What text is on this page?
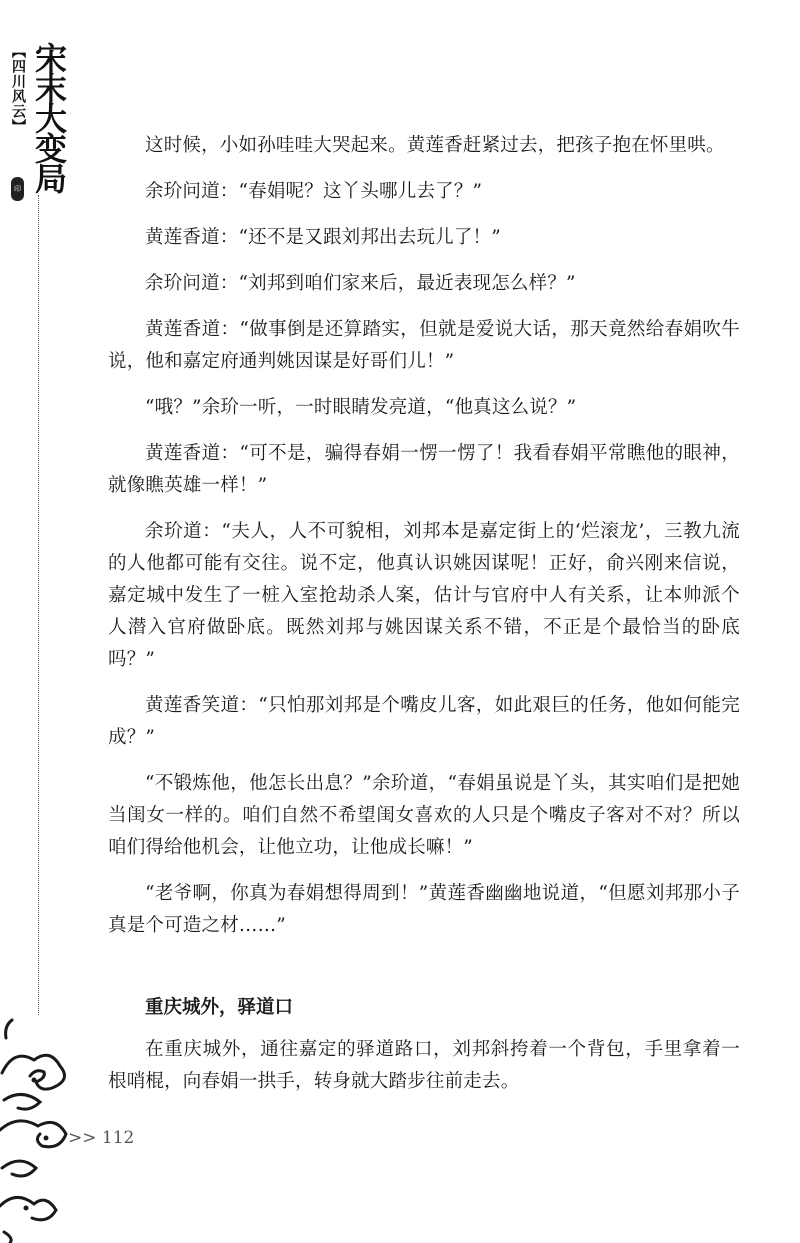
【四川风云】 宋末大变局
印

这时候，小如孙哇哇大哭起来。黄莲香赶紧过去，把孩子抱在怀里哄。

余玠问道：“春娟呢？这丫头哪儿去了？”

黄莲香道：“还不是又跟刘邦出去玩儿了！”

余玠问道：“刘邦到咱们家来后，最近表现怎么样？”

黄莲香道：“做事倒是还算踏实，但就是爱说大话，那天竟然给春娟吹牛说，他和嘉定府通判姚因谋是好哥们儿！”

“哦？”余玠一听，一时眼睛发亮道，“他真这么说？”

黄莲香道：“可不是，骗得春娟一愣一愣了！我看春娟平常瞧他的眼神，就像瞧英雄一样！”

余玠道：“夫人，人不可貌相，刘邦本是嘉定街上的‘烂滚龙’，三教九流的人他都可能有交往。说不定，他真认识姚因谋呢！正好，俞兴刚来信说，嘉定城中发生了一桩入室抢劫杀人案，估计与官府中人有关系，让本帅派个人潜入官府做卧底。既然刘邦与姚因谋关系不错，不正是个最恰当的卧底吗？”

黄莲香笑道：“只怕那刘邦是个嘴皮儿客，如此艰巨的任务，他如何能完成？”

“不锻炼他，他怎长出息？”余玠道，“春娟虽说是丫头，其实咱们是把她当闺女一样的。咱们自然不希望闺女喜欢的人只是个嘴皮子客对不对？所以咱们得给他机会，让他立功，让他成长嘛！”

“老爷啊，你真为春娟想得周到！”黄莲香幽幽地说道，“但愿刘邦那小子真是个可造之材……”

重庆城外，驿道口

在重庆城外，通往嘉定的驿道路口，刘邦斜挎着一个背包，手里拿着一根哨棍，向春娟一拱手，转身就大踏步往前走去。

>> 112
